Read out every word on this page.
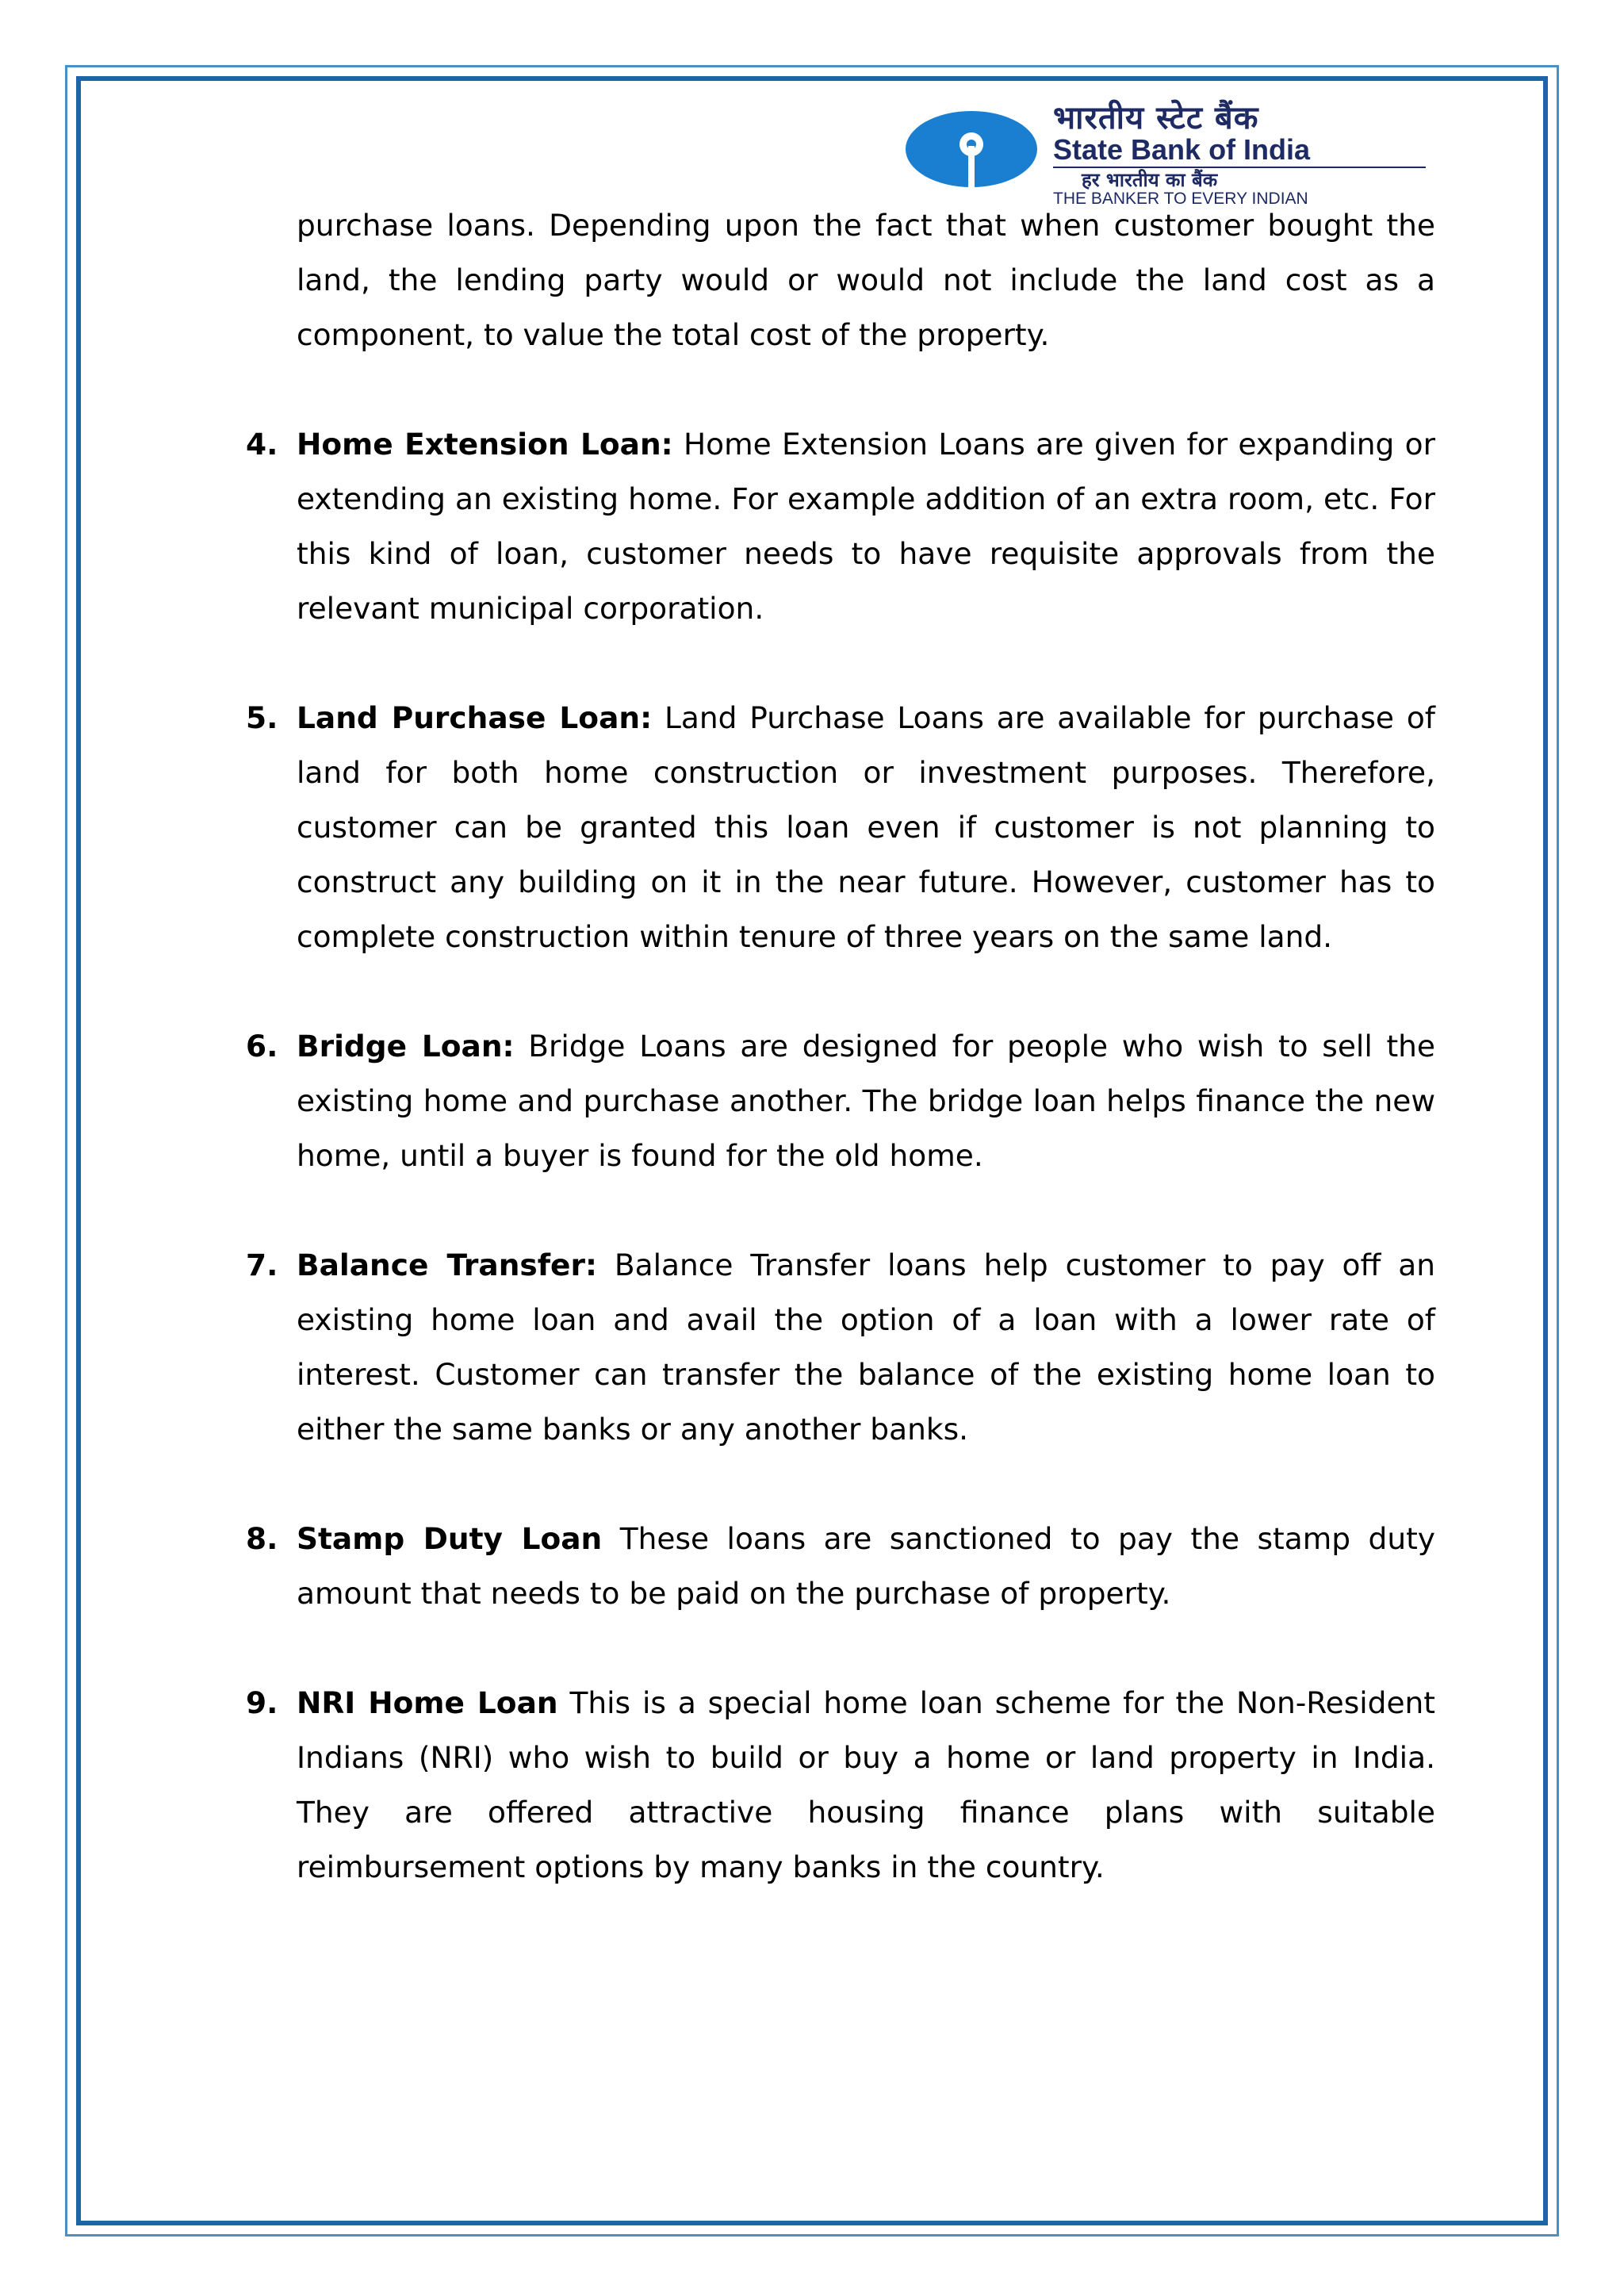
भारतीय स्टेट बैंक
State Bank of India
हर भारतीय का बैंक
THE BANKER TO EVERY INDIAN

purchase loans. Depending upon the fact that when customer bought the land, the lending party would or would not include the land cost as a component, to value the total cost of the property.

4. Home Extension Loan: Home Extension Loans are given for expanding or extending an existing home. For example addition of an extra room, etc. For this kind of loan, customer needs to have requisite approvals from the relevant municipal corporation.

5. Land Purchase Loan: Land Purchase Loans are available for purchase of land for both home construction or investment purposes. Therefore, customer can be granted this loan even if customer is not planning to construct any building on it in the near future. However, customer has to complete construction within tenure of three years on the same land.

6. Bridge Loan: Bridge Loans are designed for people who wish to sell the existing home and purchase another. The bridge loan helps finance the new home, until a buyer is found for the old home.

7. Balance Transfer: Balance Transfer loans help customer to pay off an existing home loan and avail the option of a loan with a lower rate of interest. Customer can transfer the balance of the existing home loan to either the same banks or any another banks.

8. Stamp Duty Loan These loans are sanctioned to pay the stamp duty amount that needs to be paid on the purchase of property.

9. NRI Home Loan This is a special home loan scheme for the Non-Resident Indians (NRI) who wish to build or buy a home or land property in India. They are offered attractive housing finance plans with suitable reimbursement options by many banks in the country.
